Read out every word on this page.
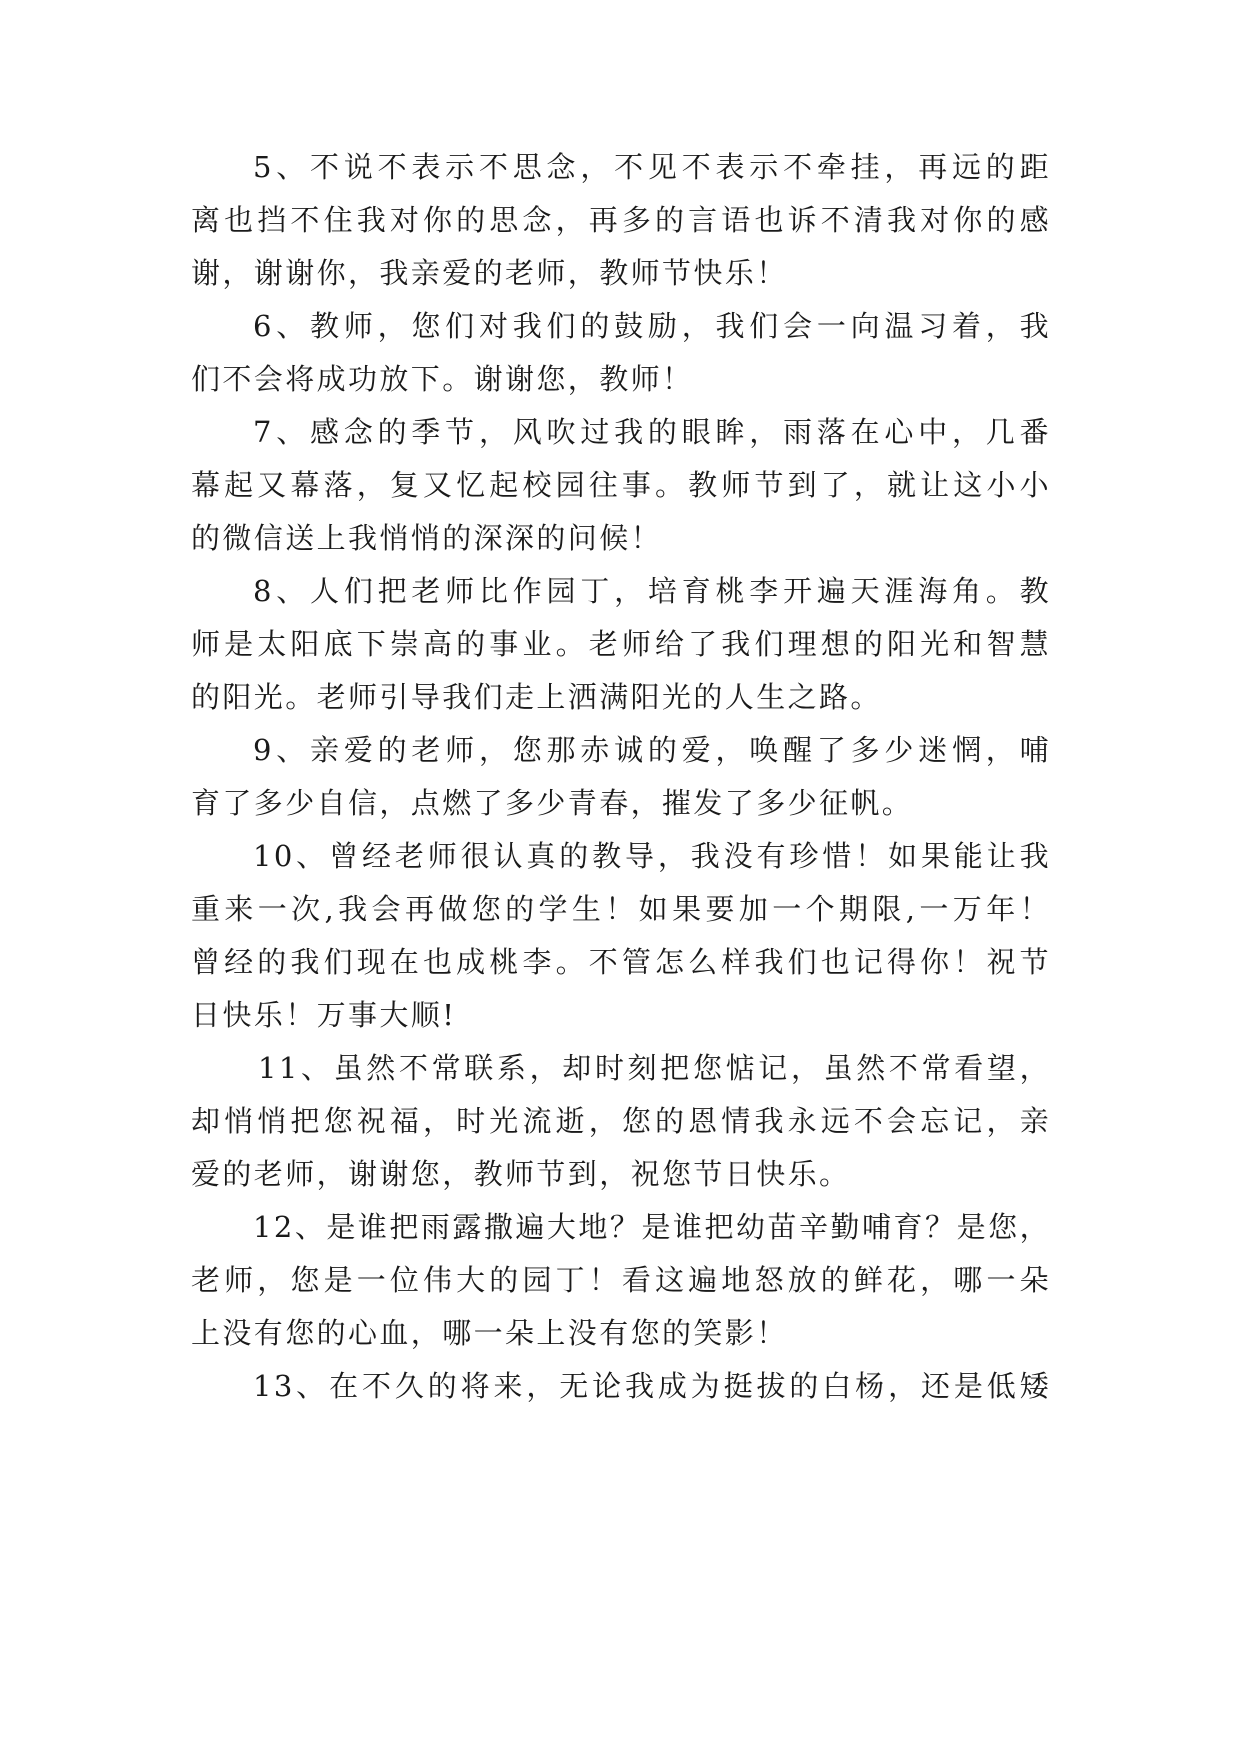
5、不说不表示不思念，不见不表示不牵挂，再远的距
离也挡不住我对你的思念，再多的言语也诉不清我对你的感
谢，谢谢你，我亲爱的老师，教师节快乐！
6、教师，您们对我们的鼓励，我们会一向温习着，我
们不会将成功放下。谢谢您，教师！
7、感念的季节，风吹过我的眼眸，雨落在心中，几番
幕起又幕落，复又忆起校园往事。教师节到了，就让这小小
的微信送上我悄悄的深深的问候！
8、人们把老师比作园丁，培育桃李开遍天涯海角。教
师是太阳底下崇高的事业。老师给了我们理想的阳光和智慧
的阳光。老师引导我们走上洒满阳光的人生之路。
9、亲爱的老师，您那赤诚的爱，唤醒了多少迷惘，哺
育了多少自信，点燃了多少青春，摧发了多少征帆。
10、曾经老师很认真的教导，我没有珍惜！如果能让我
重来一次,我会再做您的学生！如果要加一个期限,一万年！
曾经的我们现在也成桃李。不管怎么样我们也记得你！祝节
日快乐！万事大顺!
11、虽然不常联系，却时刻把您惦记，虽然不常看望，
却悄悄把您祝福，时光流逝，您的恩情我永远不会忘记，亲
爱的老师，谢谢您，教师节到，祝您节日快乐。
12、是谁把雨露撒遍大地？是谁把幼苗辛勤哺育？是您，
老师，您是一位伟大的园丁！看这遍地怒放的鲜花，哪一朵
上没有您的心血，哪一朵上没有您的笑影！
13、在不久的将来，无论我成为挺拔的白杨，还是低矮
